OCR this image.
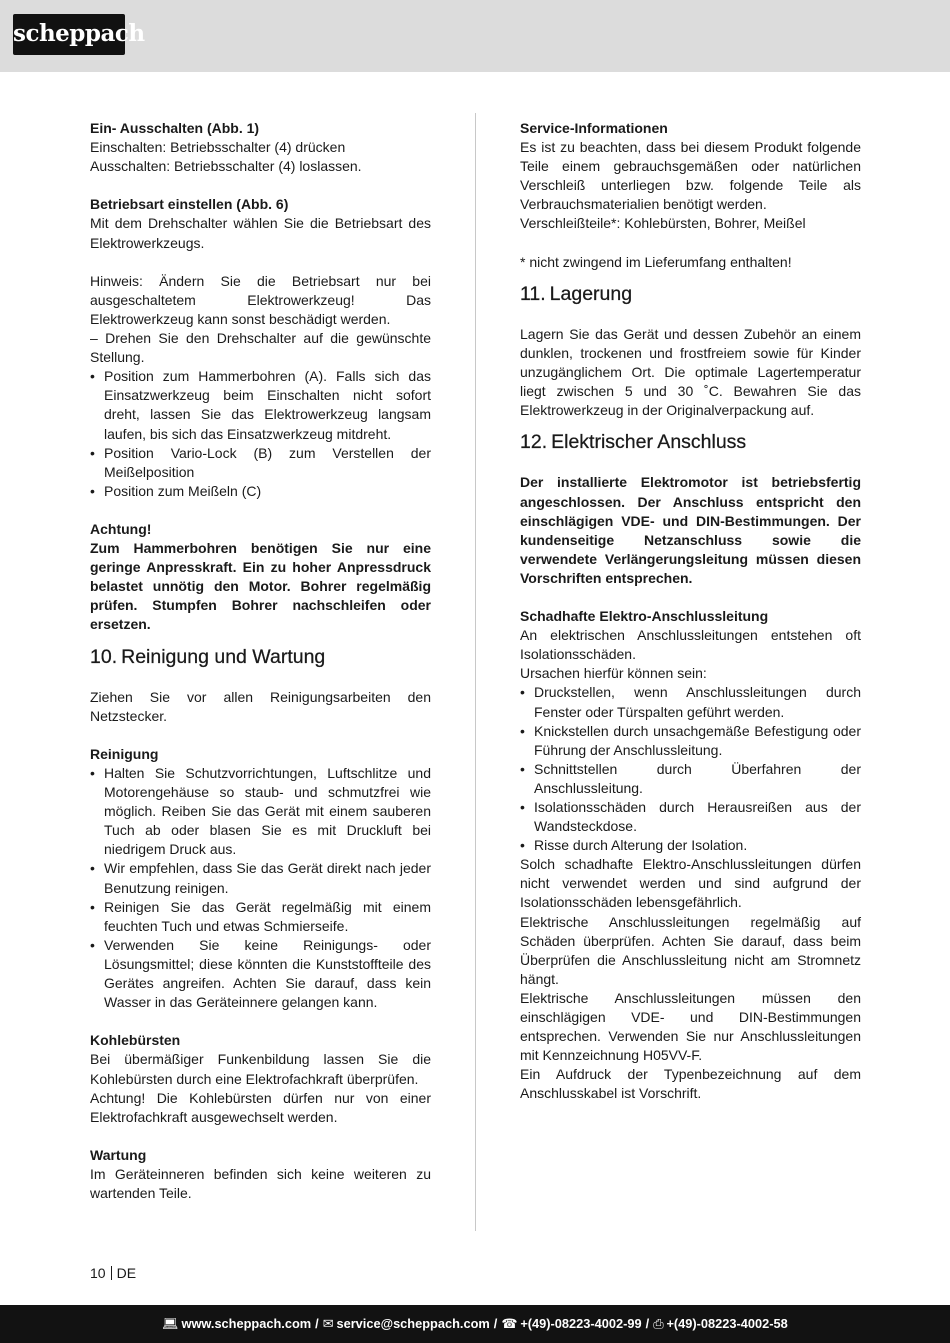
scheppach

Ein- Ausschalten (Abb. 1)

Einschalten: Betriebsschalter (4) drücken

Ausschalten: Betriebsschalter (4) loslassen.

Betriebsart einstellen (Abb. 6)

Mit dem Drehschalter wählen Sie die Betriebsart des Elektrowerkzeugs.

Hinweis: Ändern Sie die Betriebsart nur bei ausgeschaltetem Elektrowerkzeug! Das Elektrowerkzeug kann sonst beschädigt werden.

– Drehen Sie den Drehschalter auf die gewünschte Stellung.

• Position zum Hammerbohren (A). Falls sich das Einsatzwerkzeug beim Einschalten nicht sofort dreht, lassen Sie das Elektrowerkzeug langsam laufen, bis sich das Einsatzwerkzeug mitdreht.
• Position Vario-Lock (B) zum Verstellen der Meißelposition
• Position zum Meißeln (C)

Achtung!

Zum Hammerbohren benötigen Sie nur eine geringe Anpresskraft. Ein zu hoher Anpressdruck belastet unnötig den Motor. Bohrer regelmäßig prüfen. Stumpfen Bohrer nachschleifen oder ersetzen.

10. Reinigung und Wartung

Ziehen Sie vor allen Reinigungsarbeiten den Netzstecker.

Reinigung

• Halten Sie Schutzvorrichtungen, Luftschlitze und Motorengehäuse so staub- und schmutzfrei wie möglich. Reiben Sie das Gerät mit einem sauberen Tuch ab oder blasen Sie es mit Druckluft bei niedrigem Druck aus.
• Wir empfehlen, dass Sie das Gerät direkt nach jeder Benutzung reinigen.
• Reinigen Sie das Gerät regelmäßig mit einem feuchten Tuch und etwas Schmierseife.
• Verwenden Sie keine Reinigungs- oder Lösungsmittel; diese könnten die Kunststoffteile des Gerätes angreifen. Achten Sie darauf, dass kein Wasser in das Geräteinnere gelangen kann.

Kohlebürsten

Bei übermäßiger Funkenbildung lassen Sie die Kohlebürsten durch eine Elektrofachkraft überprüfen.

Achtung! Die Kohlebürsten dürfen nur von einer Elektrofachkraft ausgewechselt werden.

Wartung

Im Geräteinneren befinden sich keine weiteren zu wartenden Teile.

Service-Informationen

Es ist zu beachten, dass bei diesem Produkt folgende Teile einem gebrauchsgemäßen oder natürlichen Verschleiß unterliegen bzw. folgende Teile als Verbrauchsmaterialien benötigt werden.

Verschleißteile*: Kohlebürsten, Bohrer, Meißel

* nicht zwingend im Lieferumfang enthalten!

11. Lagerung

Lagern Sie das Gerät und dessen Zubehör an einem dunklen, trockenen und frostfreiem sowie für Kinder unzugänglichem Ort. Die optimale Lagertemperatur liegt zwischen 5 und 30 ˚C. Bewahren Sie das Elektrowerkzeug in der Originalverpackung auf.

12. Elektrischer Anschluss

Der installierte Elektromotor ist betriebsfertig angeschlossen. Der Anschluss entspricht den einschlägigen VDE- und DIN-Bestimmungen. Der kundenseitige Netzanschluss sowie die verwendete Verlängerungsleitung müssen diesen Vorschriften entsprechen.

Schadhafte Elektro-Anschlussleitung

An elektrischen Anschlussleitungen entstehen oft Isolationsschäden.

Ursachen hierfür können sein:

• Druckstellen, wenn Anschlussleitungen durch Fenster oder Türspalten geführt werden.
• Knickstellen durch unsachgemäße Befestigung oder Führung der Anschlussleitung.
• Schnittstellen durch Überfahren der Anschlussleitung.
• Isolationsschäden durch Herausreißen aus der Wandsteckdose.
• Risse durch Alterung der Isolation.

Solch schadhafte Elektro-Anschlussleitungen dürfen nicht verwendet werden und sind aufgrund der Isolationsschäden lebensgefährlich.

Elektrische Anschlussleitungen regelmäßig auf Schäden überprüfen. Achten Sie darauf, dass beim Überprüfen die Anschlussleitung nicht am Stromnetz hängt.

Elektrische Anschlussleitungen müssen den einschlägigen VDE- und DIN-Bestimmungen entsprechen. Verwenden Sie nur Anschlussleitungen mit Kennzeichnung H05VV-F.

Ein Aufdruck der Typenbezeichnung auf dem Anschlusskabel ist Vorschrift.

10 DE
💻︎ www.scheppach.com / ✉︎ service@scheppach.com / ☎︎ +(49)-08223-4002-99 / ⎙ +(49)-08223-4002-58
